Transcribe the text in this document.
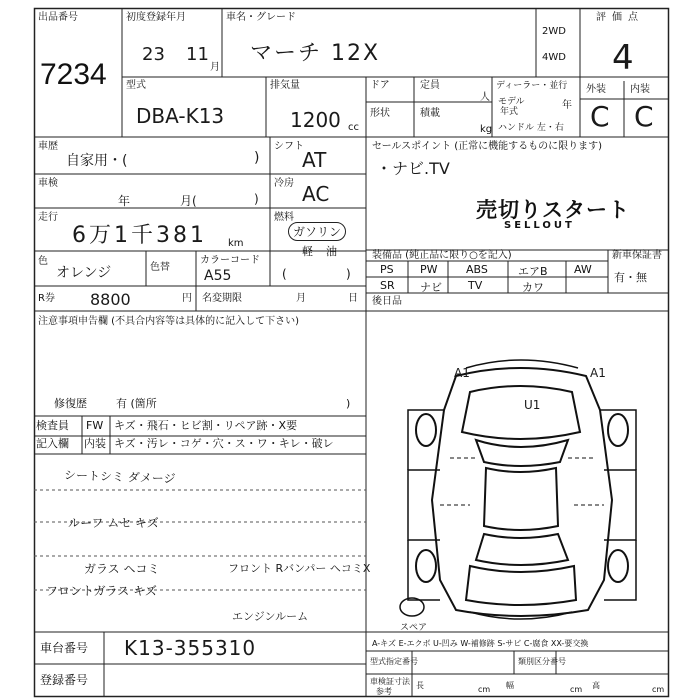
出品番号
7234
初度登録年月
23 11
月
車名・グレード
マーチ 12X
2WD
4WD
評価点
4
型式
DBA-K13
排気量
1200 cc
ドア	定員
人
形状	積載
kg
ディーラー・並行
モデル
年式
年
ハンドル 左・右
外装 内装
C C
車歴
自家用・(	)
シフト
AT
車検
年	月(	)
冷房 AC
走行
6万1千381 km
燃料
ガソリン
軽 油
(	)
色
オレンジ	色替
カラーコード
A55
R券 8800	円 名変期限	月	日
セールスポイント (正常に機能するものに限ります)
・ナビ.TV
売切りスタート
SELLOUT
装備品 (純正品に限り○を記入)	新車保証書
有・無
PS PW	ABS	エアB AW
SR ナビ TV	カワ
後日品
注意事項申告欄 (不具合内容等は具体的に記入して下さい)
修復歴	有 (箇所	)
検査員
記入欄
FW キズ・飛石・ヒビ割・リペア跡・X要
内装 キズ・汚レ・コゲ・穴・ス・ワ・キレ・破レ
シートシミ ダメージ
ルーフ ムセ キズ
フロント Rバンパー ヘコミX
ガラス ヘコミ
フロントガラス キズ
エンジンルーム
A1
U1
A1
スペア
車台番号 K13-355310
登録番号
A-キズ E-エクボ U-凹み W-補修跡 S-サビ C-腐食 XX-要交換
型式指定番号	類別区分番号
車検証寸法
参考
長	cm 幅	cm 高	cm
